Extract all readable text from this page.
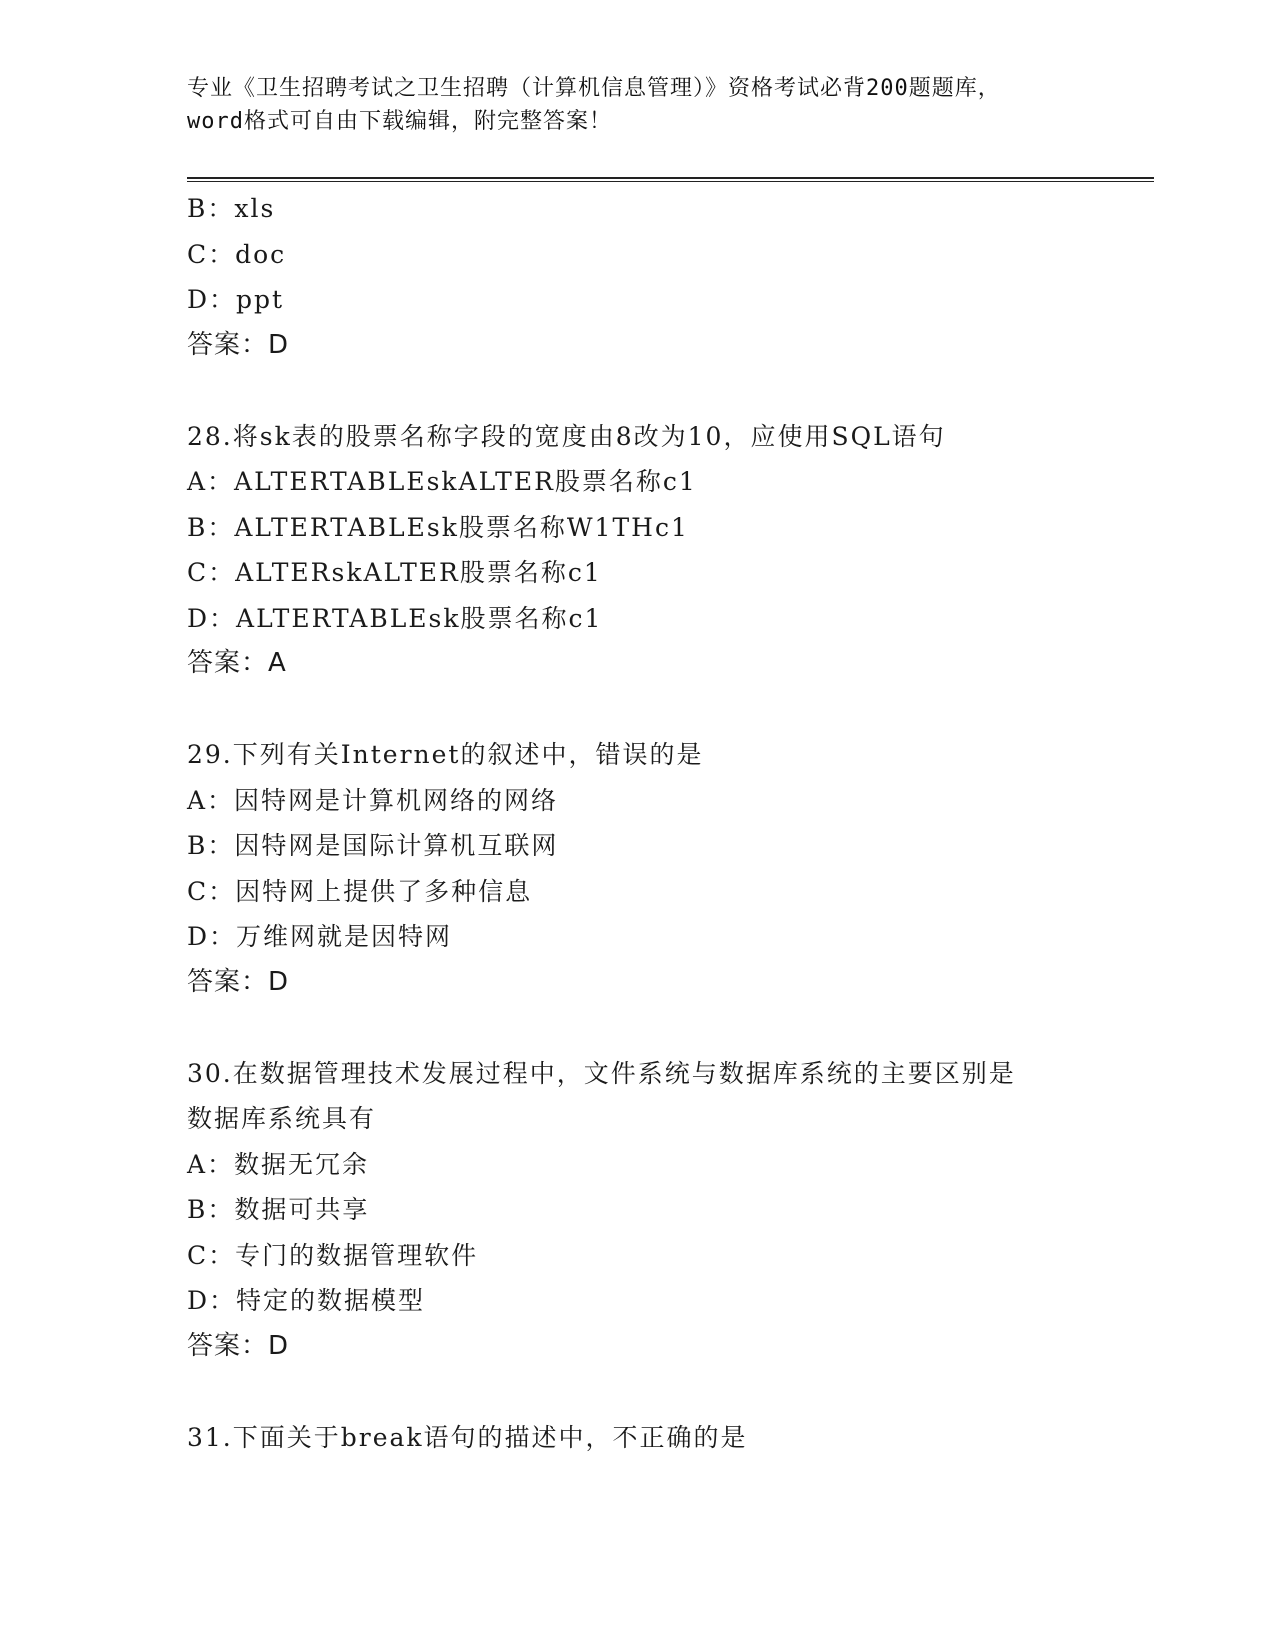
专业《卫生招聘考试之卫生招聘（计算机信息管理）》资格考试必背200题题库，
word格式可自由下载编辑，附完整答案！
B：xls
C：doc
D：ppt
答案：D
28.将sk表的股票名称字段的宽度由8改为10，应使用SQL语句
A：ALTERTABLEskALTER股票名称c1
B：ALTERTABLEsk股票名称W1THc1
C：ALTERskALTER股票名称c1
D：ALTERTABLEsk股票名称c1
答案：A
29.下列有关Internet的叙述中，错误的是
A：因特网是计算机网络的网络
B：因特网是国际计算机互联网
C：因特网上提供了多种信息
D：万维网就是因特网
答案：D
30.在数据管理技术发展过程中，文件系统与数据库系统的主要区别是
数据库系统具有
A：数据无冗余
B：数据可共享
C：专门的数据管理软件
D：特定的数据模型
答案：D
31.下面关于break语句的描述中，不正确的是
